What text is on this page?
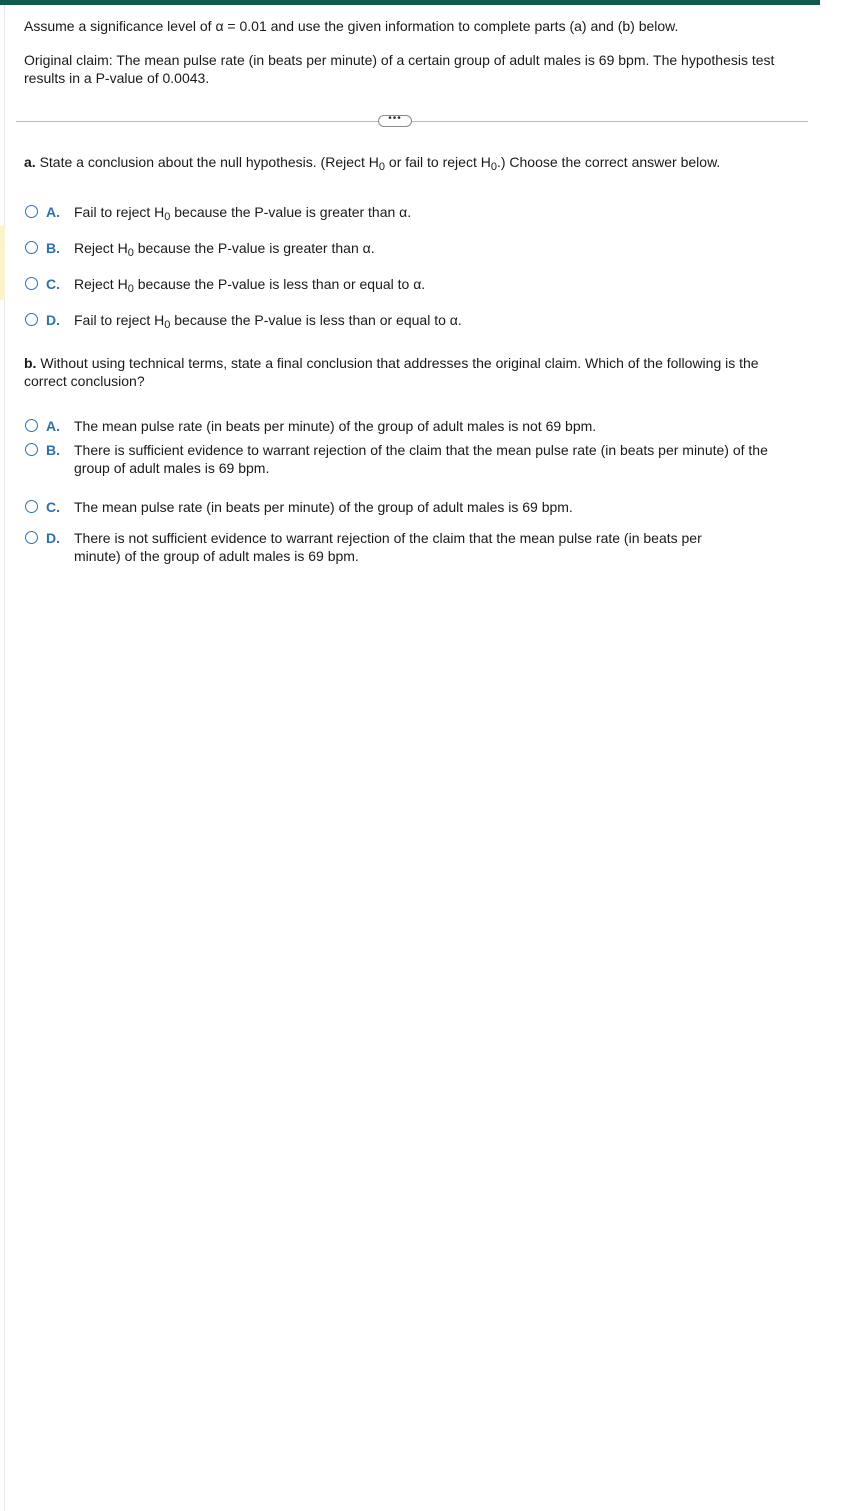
Assume a significance level of α = 0.01 and use the given information to complete parts (a) and (b) below.

Original claim: The mean pulse rate (in beats per minute) of a certain group of adult males is 69 bpm. The hypothesis test results in a P-value of 0.0043.

a. State a conclusion about the null hypothesis. (Reject $H_0$ or fail to reject $H_0$.) Choose the correct answer below.

A.	Fail to reject $H_0$ because the P-value is greater than α.
B.	Reject $H_0$ because the P-value is greater than α.
C.	Reject $H_0$ because the P-value is less than or equal to α.
D.	Fail to reject $H_0$ because the P-value is less than or equal to α.

b. Without using technical terms, state a final conclusion that addresses the original claim. Which of the following is the correct conclusion?

A.	The mean pulse rate (in beats per minute) of the group of adult males is not 69 bpm.
B.	There is sufficient evidence to warrant rejection of the claim that the mean pulse rate (in beats per minute) of the group of adult males is 69 bpm.
C.	The mean pulse rate (in beats per minute) of the group of adult males is 69 bpm.
D.	There is not sufficient evidence to warrant rejection of the claim that the mean pulse rate (in beats per minute) of the group of adult males is 69 bpm.
•••
